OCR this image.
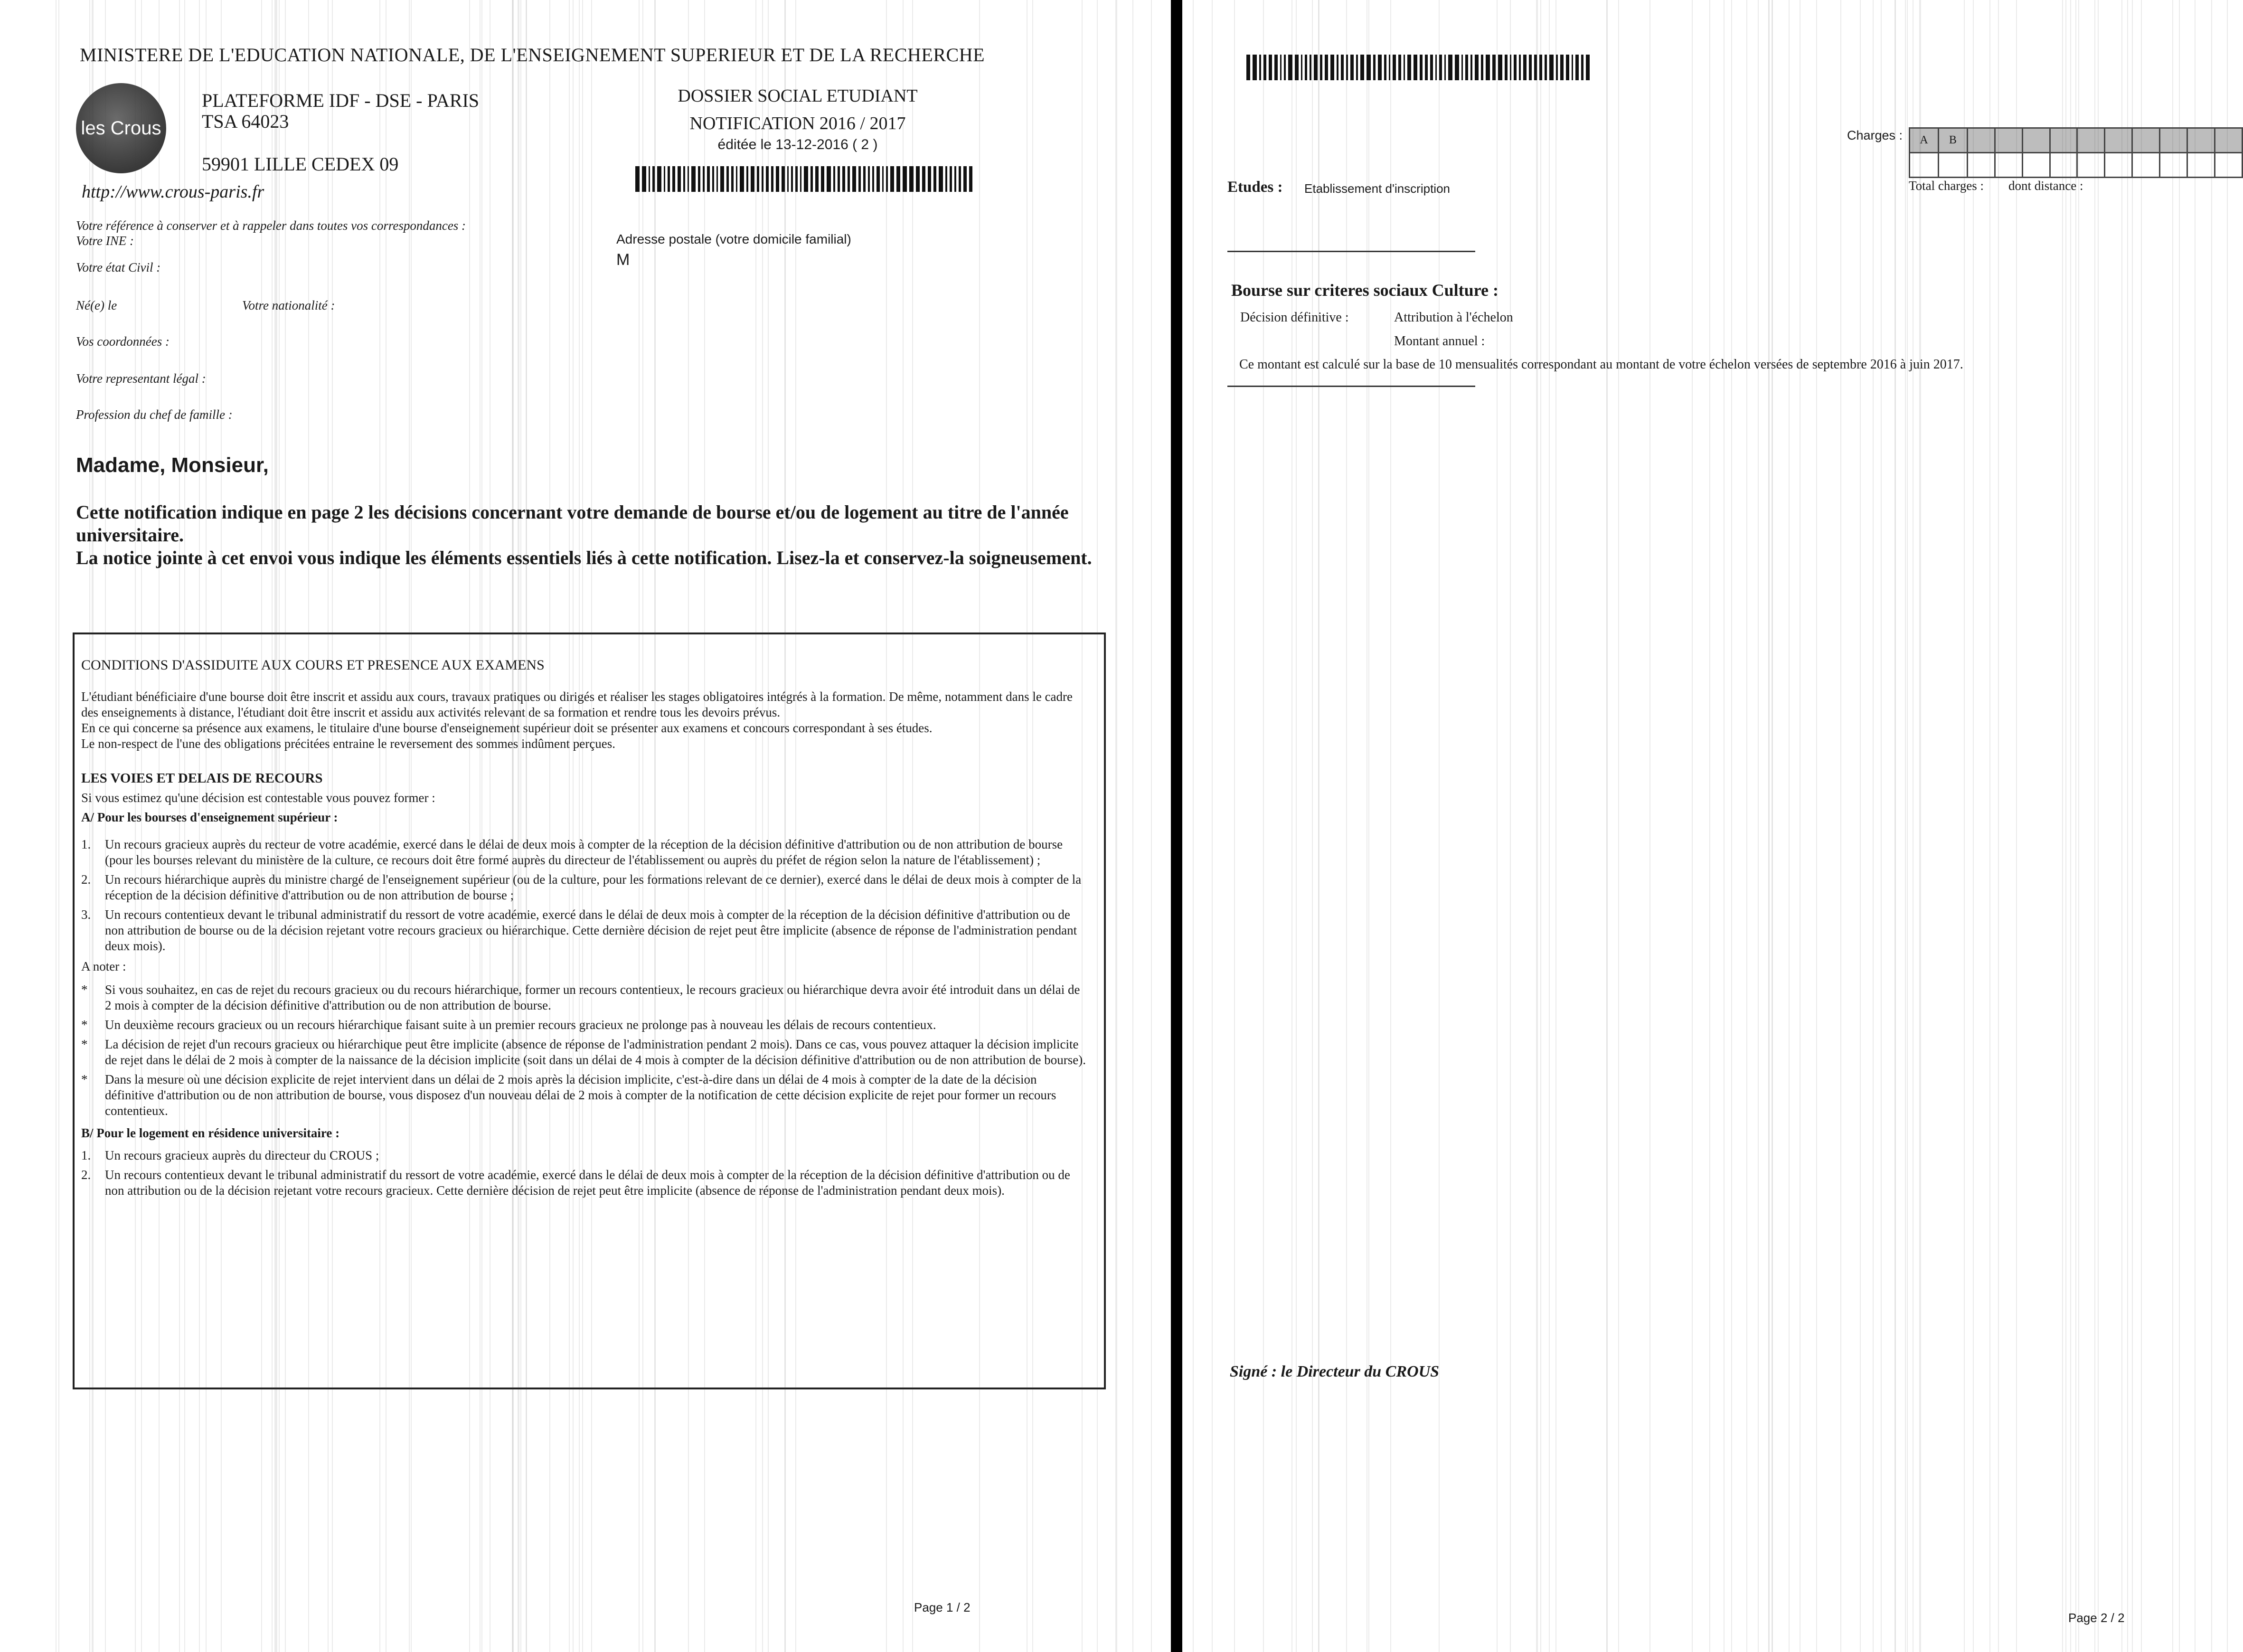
MINISTERE DE L'EDUCATION NATIONALE, DE L'ENSEIGNEMENT SUPERIEUR ET DE LA RECHERCHE
les Crous
PLATEFORME IDF - DSE - PARIS
TSA 64023
59901 LILLE CEDEX 09
http://www.crous-paris.fr
DOSSIER SOCIAL ETUDIANT
NOTIFICATION 2016 / 2017
éditée le 13-12-2016 ( 2 )
Votre référence à conserver et à rappeler dans toutes vos correspondances :
Votre INE :
Votre état Civil :
Né(e) le	Votre nationalité :
Vos coordonnées :
Votre representant légal :
Profession du chef de famille :
Adresse postale (votre domicile familial)
M
Madame, Monsieur,
Cette notification indique en page 2 les décisions concernant votre demande de bourse et/ou de logement au titre de l'année universitaire.
La notice jointe à cet envoi vous indique les éléments essentiels liés à cette notification. Lisez-la et conservez-la soigneusement.
CONDITIONS D'ASSIDUITE AUX COURS ET PRESENCE AUX EXAMENS
L'étudiant bénéficiaire d'une bourse doit être inscrit et assidu aux cours, travaux pratiques ou dirigés et réaliser les stages obligatoires intégrés à la formation. De même, notamment dans le cadre des enseignements à distance, l'étudiant doit être inscrit et assidu aux activités relevant de sa formation et rendre tous les devoirs prévus.
En ce qui concerne sa présence aux examens, le titulaire d'une bourse d'enseignement supérieur doit se présenter aux examens et concours correspondant à ses études.
Le non-respect de l'une des obligations précitées entraine le reversement des sommes indûment perçues.
LES VOIES ET DELAIS DE RECOURS
Si vous estimez qu'une décision est contestable vous pouvez former :
A/ Pour les bourses d'enseignement supérieur :
1.	Un recours gracieux auprès du recteur de votre académie, exercé dans le délai de deux mois à compter de la réception de la décision définitive d'attribution ou de non attribution de bourse (pour les bourses relevant du ministère de la culture, ce recours doit être formé auprès du directeur de l'établissement ou auprès du préfet de région selon la nature de l'établissement) ;
2.	Un recours hiérarchique auprès du ministre chargé de l'enseignement supérieur (ou de la culture, pour les formations relevant de ce dernier), exercé dans le délai de deux mois à compter de la réception de la décision définitive d'attribution ou de non attribution de bourse ;
3.	Un recours contentieux devant le tribunal administratif du ressort de votre académie, exercé dans le délai de deux mois à compter de la réception de la décision définitive d'attribution ou de non attribution de bourse ou de la décision rejetant votre recours gracieux ou hiérarchique. Cette dernière décision de rejet peut être implicite (absence de réponse de l'administration pendant deux mois).
A noter :
*	Si vous souhaitez, en cas de rejet du recours gracieux ou du recours hiérarchique, former un recours contentieux, le recours gracieux ou hiérarchique devra avoir été introduit dans un délai de 2 mois à compter de la décision définitive d'attribution ou de non attribution de bourse.
*	Un deuxième recours gracieux ou un recours hiérarchique faisant suite à un premier recours gracieux ne prolonge pas à nouveau les délais de recours contentieux.
*	La décision de rejet d'un recours gracieux ou hiérarchique peut être implicite (absence de réponse de l'administration pendant 2 mois). Dans ce cas, vous pouvez attaquer la décision implicite de rejet dans le délai de 2 mois à compter de la naissance de la décision implicite (soit dans un délai de 4 mois à compter de la décision définitive d'attribution ou de non attribution de bourse).
*	Dans la mesure où une décision explicite de rejet intervient dans un délai de 2 mois après la décision implicite, c'est-à-dire dans un délai de 4 mois à compter de la date de la décision définitive d'attribution ou de non attribution de bourse, vous disposez d'un nouveau délai de 2 mois à compter de la notification de cette décision explicite de rejet pour former un recours contentieux.
B/ Pour le logement en résidence universitaire :
1.	Un recours gracieux auprès du directeur du CROUS ;
2.	Un recours contentieux devant le tribunal administratif du ressort de votre académie, exercé dans le délai de deux mois à compter de la réception de la décision définitive d'attribution ou de non attribution ou de la décision rejetant votre recours gracieux. Cette dernière décision de rejet peut être implicite (absence de réponse de l'administration pendant deux mois).
Page 1 / 2
Charges : A	B										

Total charges : dont distance :
Etudes : Etablissement d'inscription
Bourse sur criteres sociaux Culture :
Décision définitive :	Attribution à l'échelon
Montant annuel :
Ce montant est calculé sur la base de 10 mensualités correspondant au montant de votre échelon versées de septembre 2016 à juin 2017.
Signé : le Directeur du CROUS
Page 2 / 2
